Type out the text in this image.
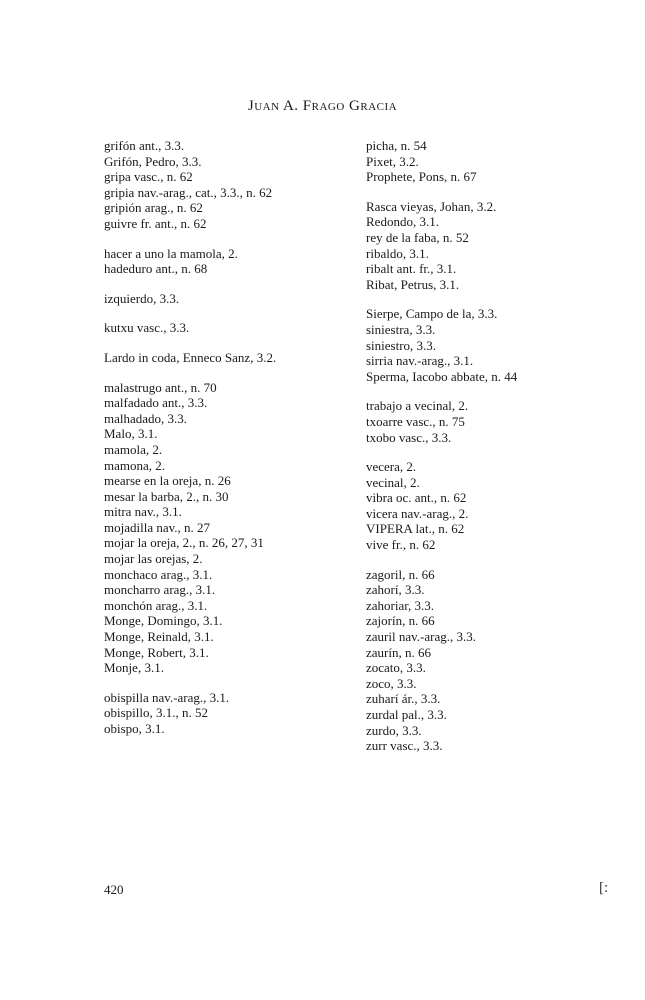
Juan A. Frago Gracia
grifón ant., 3.3.
Grifón, Pedro, 3.3.
gripa vasc., n. 62
gripia nav.-arag., cat., 3.3., n. 62
gripión arag., n. 62
guivre fr. ant., n. 62
hacer a uno la mamola, 2.
hadeduro ant., n. 68
izquierdo, 3.3.
kutxu vasc., 3.3.
Lardo in coda, Enneco Sanz, 3.2.
malastrugo ant., n. 70
malfadado ant., 3.3.
malhadado, 3.3.
Malo, 3.1.
mamola, 2.
mamona, 2.
mearse en la oreja, n. 26
mesar la barba, 2., n. 30
mitra nav., 3.1.
mojadilla nav., n. 27
mojar la oreja, 2., n. 26, 27, 31
mojar las orejas, 2.
monchaco arag., 3.1.
moncharro arag., 3.1.
monchón arag., 3.1.
Monge, Domingo, 3.1.
Monge, Reinald, 3.1.
Monge, Robert, 3.1.
Monje, 3.1.
obispilla nav.-arag., 3.1.
obispillo, 3.1., n. 52
obispo, 3.1.
picha, n. 54
Pixet, 3.2.
Prophete, Pons, n. 67
Rasca vieyas, Johan, 3.2.
Redondo, 3.1.
rey de la faba, n. 52
ribaldo, 3.1.
ribalt ant. fr., 3.1.
Ribat, Petrus, 3.1.
Sierpe, Campo de la, 3.3.
siniestra, 3.3.
siniestro, 3.3.
sirria nav.-arag., 3.1.
Sperma, Iacobo abbate, n. 44
trabajo a vecinal, 2.
txoarre vasc., n. 75
txobo vasc., 3.3.
vecera, 2.
vecinal, 2.
vibra oc. ant., n. 62
vicera nav.-arag., 2.
VIPERA lat., n. 62
vive fr., n. 62
zagoril, n. 66
zahorí, 3.3.
zahoriar, 3.3.
zajorín, n. 66
zauril nav.-arag., 3.3.
zaurín, n. 66
zocato, 3.3.
zoco, 3.3.
zuharí ár., 3.3.
zurdal pal., 3.3.
zurdo, 3.3.
zurr vasc., 3.3.
420	[:
